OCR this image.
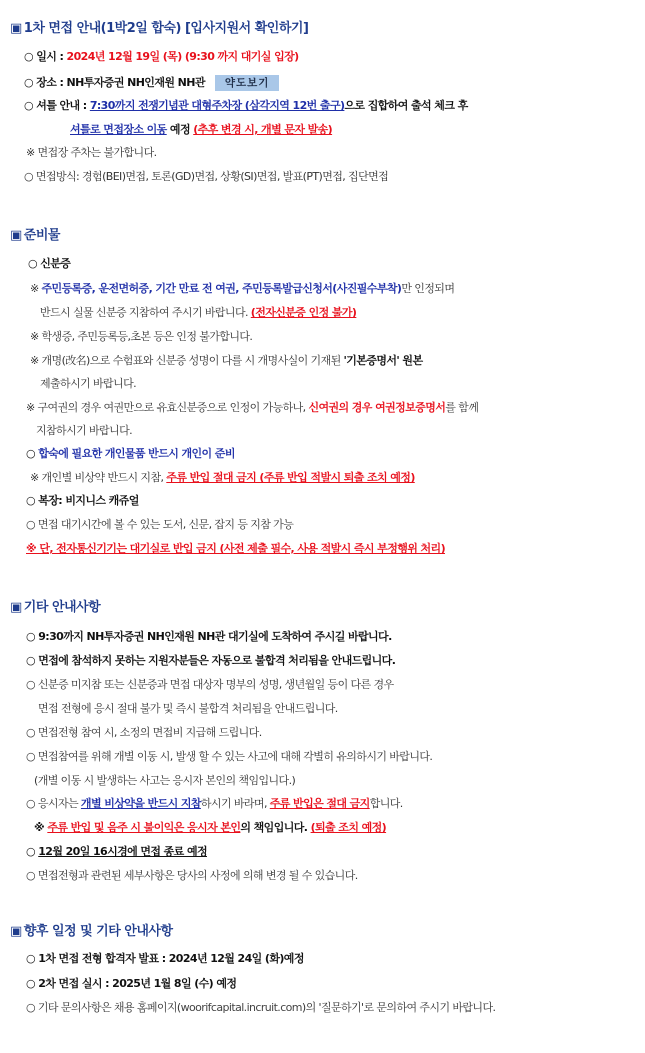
▣ 1차 면접 안내(1박2일 합숙) [입사지원서 확인하기]
○ 일시 : 2024년 12월 19일 (목) (9:30 까지 대기실 입장)
○ 장소 : NH투자증권 NH인재원 NH관 약도보기
○ 셔틀 안내 : 7:30까지 전쟁기념관 대형주차장 (삼각지역 12번 출구)으로 집합하여 출석 체크 후
셔틀로 면접장소 이동 예정 (추후 변경 시, 개별 문자 발송)
※ 면접장 주차는 불가합니다.
○ 면접방식: 경험(BEI)면접, 토론(GD)면접, 상황(SI)면접, 발표(PT)면접, 집단면접
▣ 준비물
○ 신분증
※ 주민등록증, 운전면허증, 기간 만료 전 여권, 주민등록발급신청서(사진필수부착)만 인정되며
반드시 실물 신분증 지참하여 주시기 바랍니다. (전자신분증 인정 불가)
※ 학생증, 주민등록등,초본 등은 인정 불가합니다.
※ 개명(改名)으로 수험표와 신분증 성명이 다를 시 개명사실이 기재된 '기본증명서' 원본
제출하시기 바랍니다.
※ 구여권의 경우 여권만으로 유효신분증으로 인정이 가능하나, 신여권의 경우 여권정보증명서를 함께
지참하시기 바랍니다.
○ 합숙에 필요한 개인물품 반드시 개인이 준비
※ 개인별 비상약 반드시 지참, 주류 반입 절대 금지 (주류 반입 적발시 퇴출 조치 예정)
○ 복장: 비지니스 캐쥬얼
○ 면접 대기시간에 볼 수 있는 도서, 신문, 잡지 등 지참 가능
※ 단, 전자통신기기는 대기실로 반입 금지 (사전 제출 필수, 사용 적발시 즉시 부정행위 처리)
▣ 기타 안내사항
○ 9:30까지 NH투자증권 NH인재원 NH관 대기실에 도착하여 주시길 바랍니다.
○ 면접에 참석하지 못하는 지원자분들은 자동으로 불합격 처리됨을 안내드립니다.
○ 신분증 미지참 또는 신분증과 면접 대상자 명부의 성명, 생년월일 등이 다른 경우
면접 전형에 응시 절대 불가 및 즉시 불합격 처리됨을 안내드립니다.
○ 면접전형 참여 시, 소정의 면접비 지급해 드립니다.
○ 면접참여를 위해 개별 이동 시, 발생 할 수 있는 사고에 대해 각별히 유의하시기 바랍니다.
(개별 이동 시 발생하는 사고는 응시자 본인의 책임입니다.)
○ 응시자는 개별 비상약을 반드시 지참하시기 바라며, 주류 반입은 절대 금지합니다.
※ 주류 반입 및 음주 시 불이익은 응시자 본인의 책임입니다. (퇴출 조치 예정)
○ 12월 20일 16시경에 면접 종료 예정
○ 면접전형과 관련된 세부사항은 당사의 사정에 의해 변경 될 수 있습니다.
▣ 향후 일정 및 기타 안내사항
○ 1차 면접 전형 합격자 발표 : 2024년 12월 24일 (화)예정
○ 2차 면접 실시 : 2025년 1월 8일 (수) 예정
○ 기타 문의사항은 채용 홈페이지(woorifcapital.incruit.com)의 '질문하기'로 문의하여 주시기 바랍니다.
